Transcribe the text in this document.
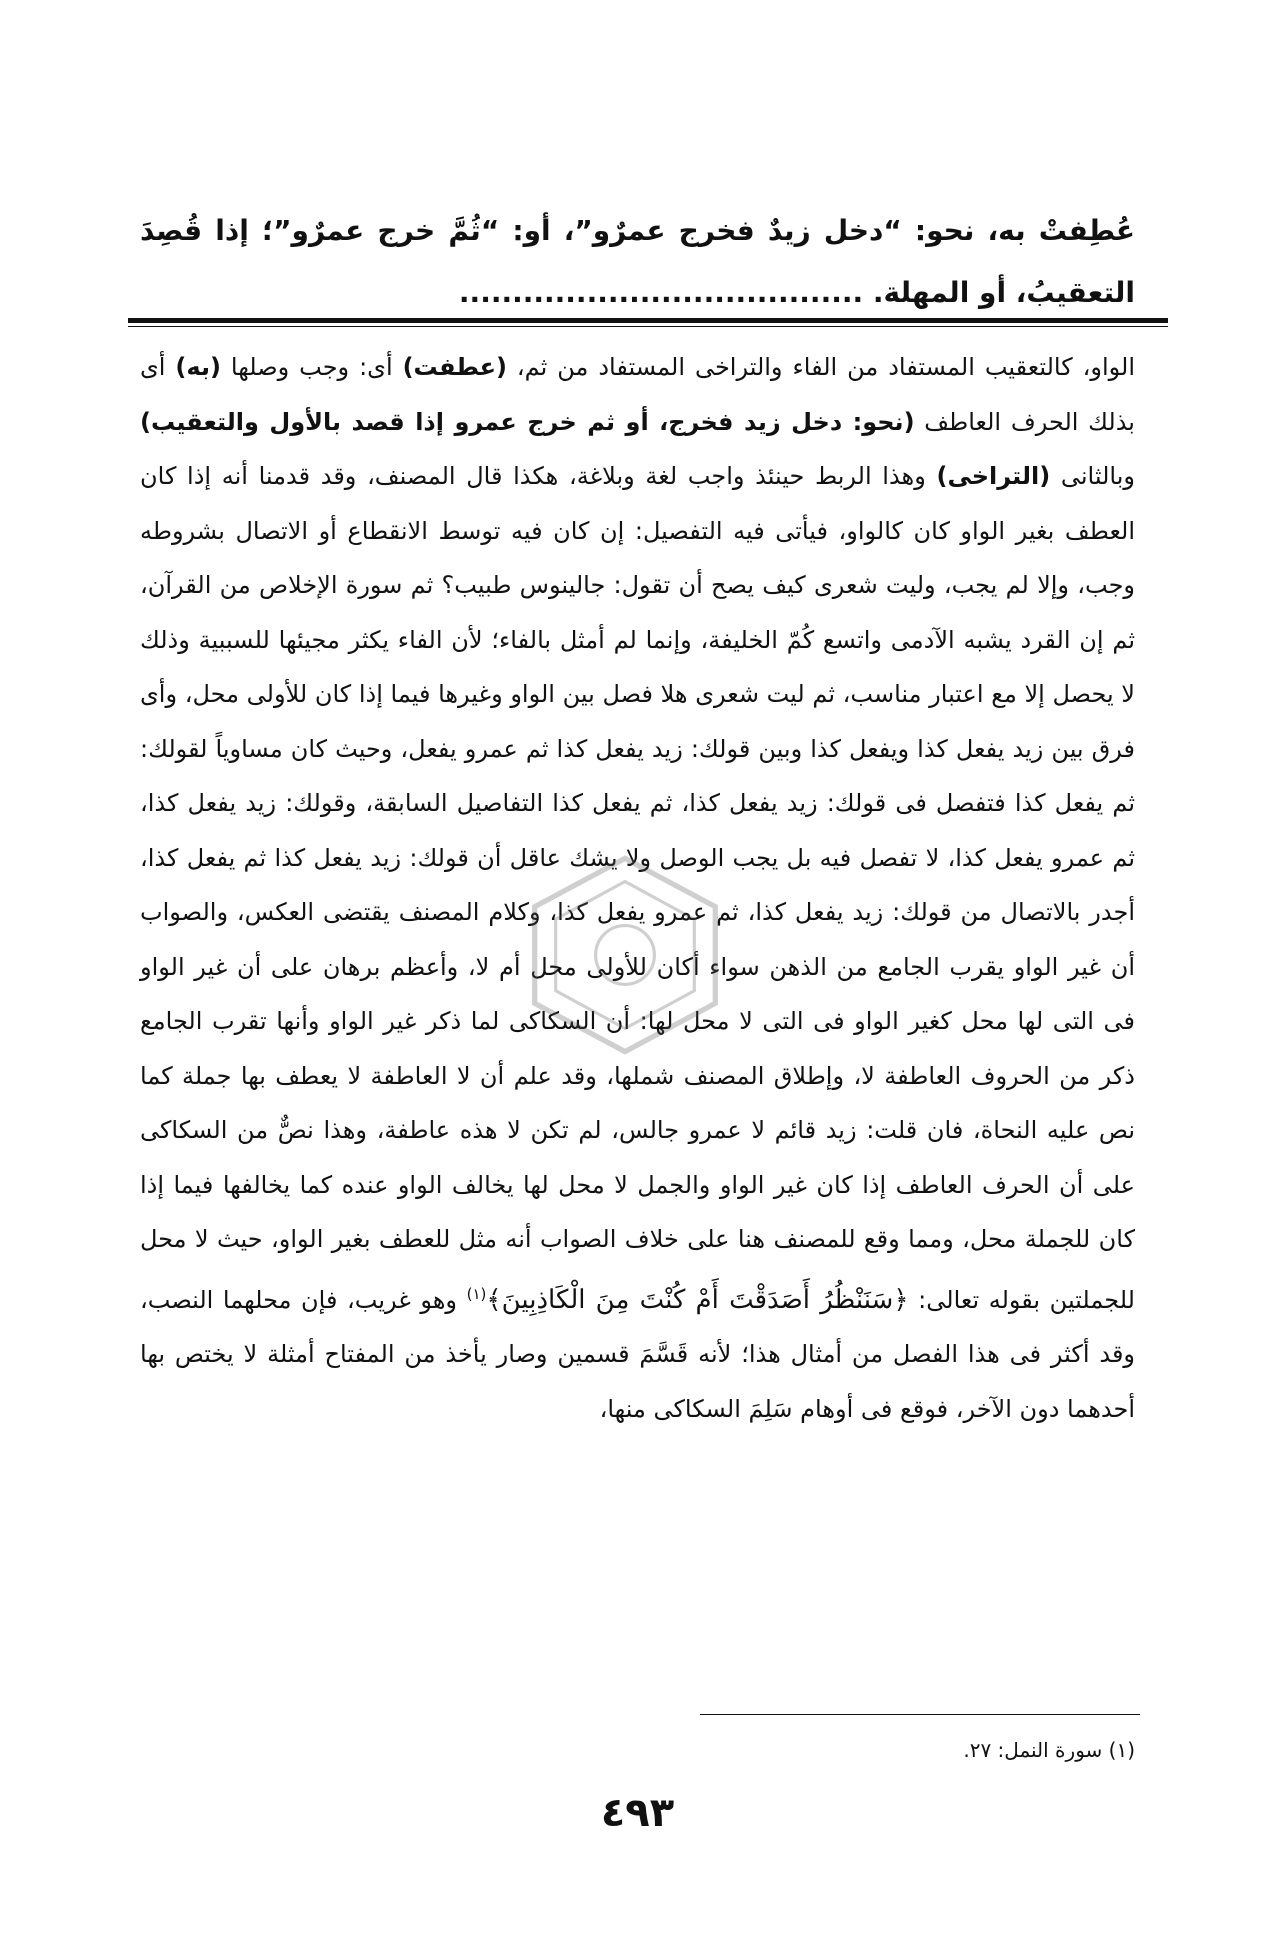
عُطِفتْ به، نحو: “دخل زيدٌ فخرج عمرٌو”، أو: “ثُمَّ خرج عمرٌو”؛ إذا قُصِدَ التعقيبُ، أو المهلة. ......................................

الواو، كالتعقيب المستفاد من الفاء والتراخى المستفاد من ثم، (عطفت) أى: وجب وصلها (به) أى بذلك الحرف العاطف (نحو: دخل زيد فخرج، أو ثم خرج عمرو إذا قصد بالأول والتعقيب) وبالثانى (التراخى) وهذا الربط حينئذ واجب لغة وبلاغة، هكذا قال المصنف، وقد قدمنا أنه إذا كان العطف بغير الواو كان كالواو، فيأتى فيه التفصيل: إن كان فيه توسط الانقطاع أو الاتصال بشروطه وجب، وإلا لم يجب، وليت شعرى كيف يصح أن تقول: جالينوس طبيب؟ ثم سورة الإخلاص من القرآن، ثم إن القرد يشبه الآدمى واتسع كُمّ الخليفة، وإنما لم أمثل بالفاء؛ لأن الفاء يكثر مجيئها للسببية وذلك لا يحصل إلا مع اعتبار مناسب، ثم ليت شعرى هلا فصل بين الواو وغيرها فيما إذا كان للأولى محل، وأى فرق بين زيد يفعل كذا ويفعل كذا وبين قولك: زيد يفعل كذا ثم عمرو يفعل، وحيث كان مساوياً لقولك: ثم يفعل كذا فتفصل فى قولك: زيد يفعل كذا، ثم يفعل كذا التفاصيل السابقة، وقولك: زيد يفعل كذا، ثم عمرو يفعل كذا، لا تفصل فيه بل يجب الوصل ولا يشك عاقل أن قولك: زيد يفعل كذا ثم يفعل كذا، أجدر بالاتصال من قولك: زيد يفعل كذا، ثم عمرو يفعل كذا، وكلام المصنف يقتضى العكس، والصواب أن غير الواو يقرب الجامع من الذهن سواء أكان للأولى محل أم لا، وأعظم برهان على أن غير الواو فى التى لها محل كغير الواو فى التى لا محل لها: أن السكاكى لما ذكر غير الواو وأنها تقرب الجامع ذكر من الحروف العاطفة لا، وإطلاق المصنف شملها، وقد علم أن لا العاطفة لا يعطف بها جملة كما نص عليه النحاة، فان قلت: زيد قائم لا عمرو جالس، لم تكن لا هذه عاطفة، وهذا نصٌّ من السكاكى على أن الحرف العاطف إذا كان غير الواو والجمل لا محل لها يخالف الواو عنده كما يخالفها فيما إذا كان للجملة محل، ومما وقع للمصنف هنا على خلاف الصواب أنه مثل للعطف بغير الواو، حيث لا محل للجملتين بقوله تعالى: ﴿سَنَنْظُرُ أَصَدَقْتَ أَمْ كُنْتَ مِنَ الْكَاذِبِينَ﴾$^{(١)}$ وهو غريب، فإن محلهما النصب، وقد أكثر فى هذا الفصل من أمثال هذا؛ لأنه قَسَّمَ قسمين وصار يأخذ من المفتاح أمثلة لا يختص بها أحدهما دون الآخر، فوقع فى أوهام سَلِمَ السكاكى منها،

(١) سورة النمل: ٢٧.

٤٩٣
